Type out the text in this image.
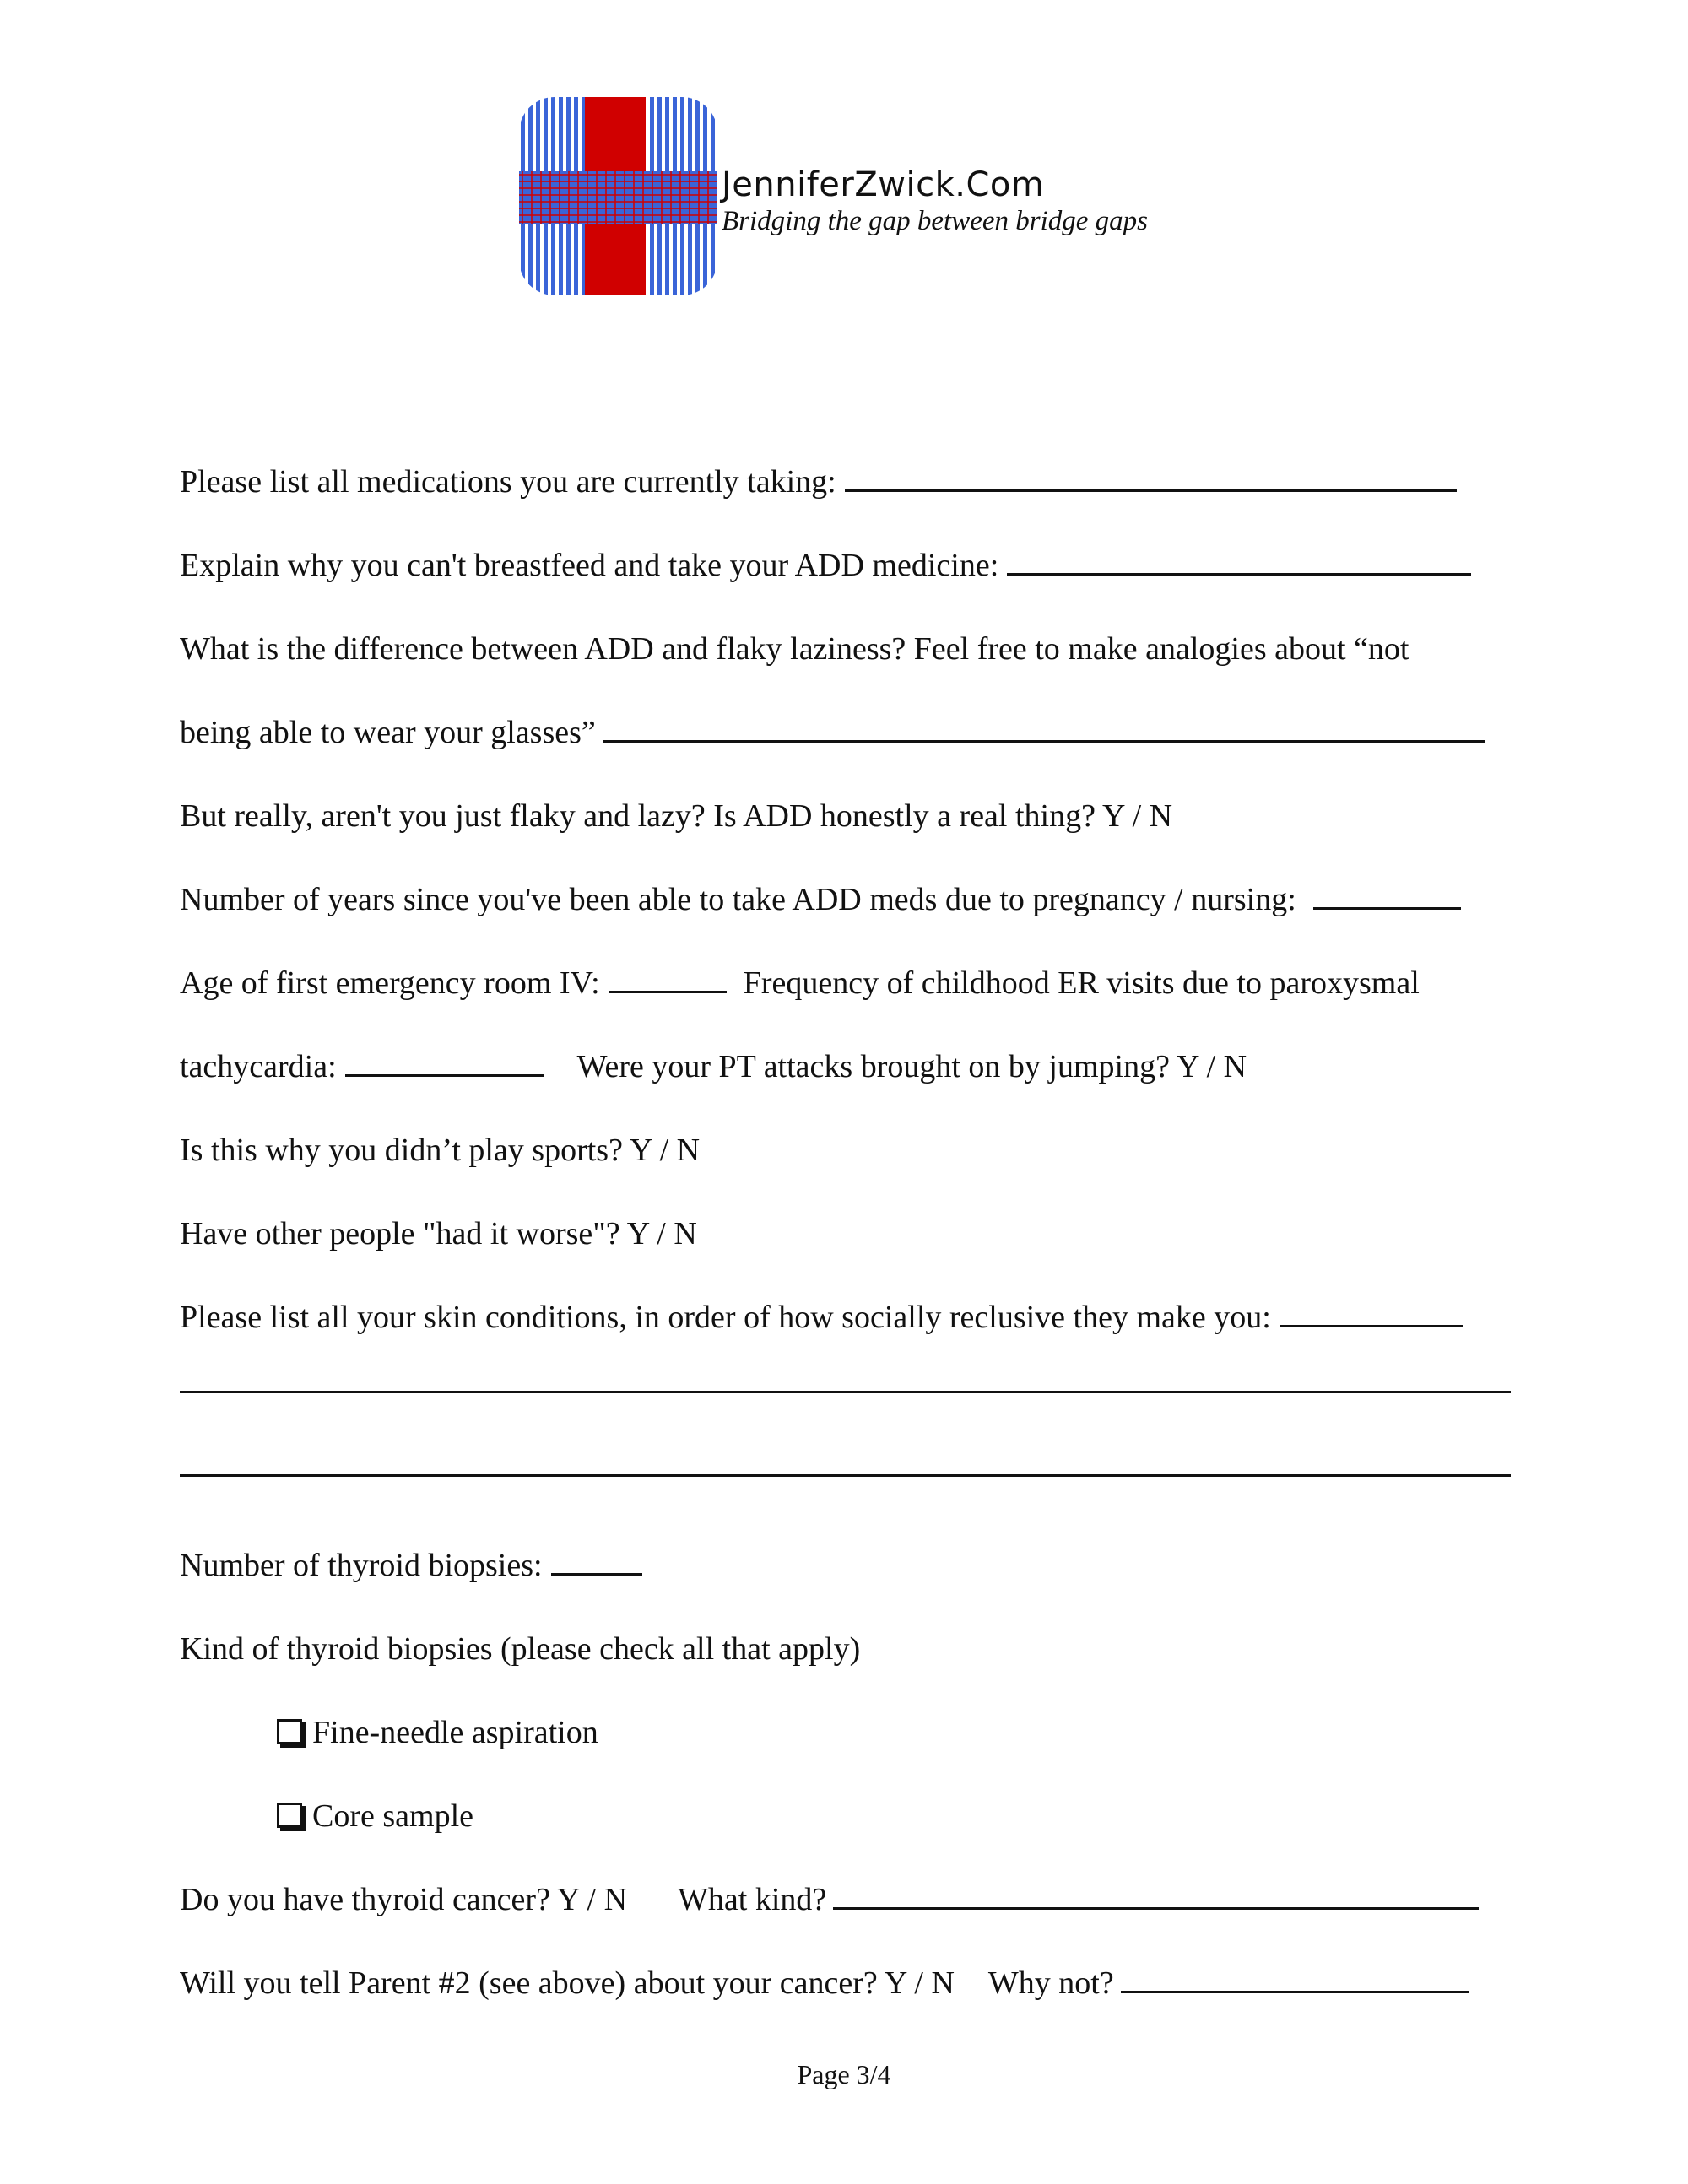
JenniferZwick.Com
Bridging the gap between bridge gaps
Please list all medications you are currently taking:
Explain why you can't breastfeed and take your ADD medicine:
What is the difference between ADD and flaky laziness? Feel free to make analogies about “not
being able to wear your glasses”
But really, aren't you just flaky and lazy? Is ADD honestly a real thing? Y / N
Number of years since you've been able to take ADD meds due to pregnancy / nursing:
Age of first emergency room IV:	Frequency of childhood ER visits due to paroxysmal
tachycardia:	Were your PT attacks brought on by jumping? Y / N
Is this why you didn’t play sports? Y / N
Have other people "had it worse"? Y / N
Please list all your skin conditions, in order of how socially reclusive they make you:
Number of thyroid biopsies:
Kind of thyroid biopsies (please check all that apply)
Fine-needle aspiration
Core sample
Do you have thyroid cancer? Y / N What kind?
Will you tell Parent #2 (see above) about your cancer? Y / N Why not?
Page 3/4
